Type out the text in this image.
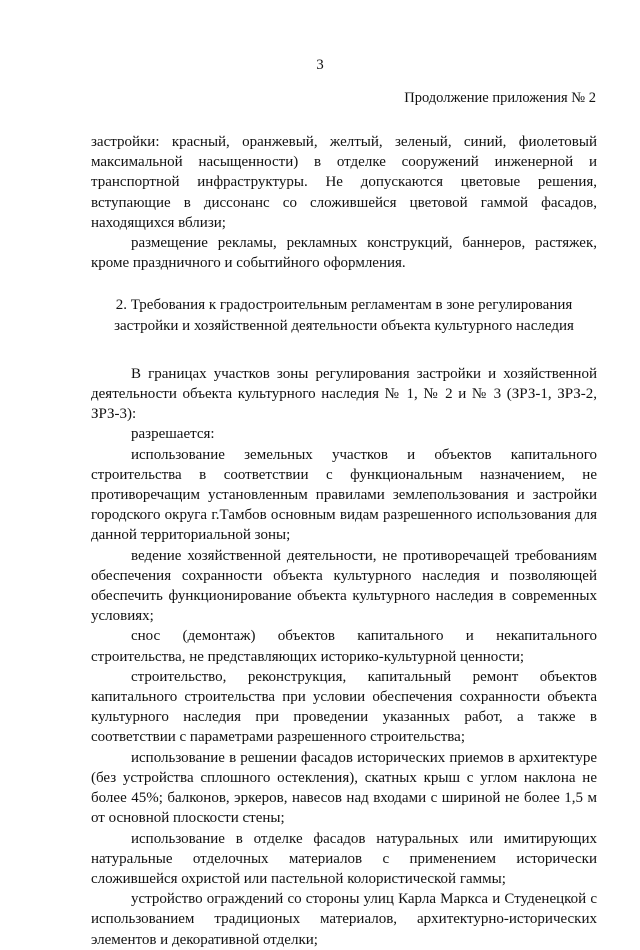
3
Продолжение приложения № 2

застройки: красный, оранжевый, желтый, зеленый, синий, фиолетовый максимальной насыщенности) в отделке сооружений инженерной и транспортной инфраструктуры. Не допускаются цветовые решения, вступающие в диссонанс со сложившейся цветовой гаммой фасадов, находящихся вблизи;

размещение рекламы, рекламных конструкций, баннеров, растяжек, кроме праздничного и событийного оформления.

2. Требования к градостроительным регламентам в зоне регулирования застройки и хозяйственной деятельности объекта культурного наследия

В границах участков зоны регулирования застройки и хозяйственной деятельности объекта культурного наследия № 1, № 2 и № 3 (ЗРЗ-1, ЗРЗ-2, ЗРЗ-3):

разрешается:

использование земельных участков и объектов капитального строительства в соответствии с функциональным назначением, не противоречащим установленным правилами землепользования и застройки городского округа г.Тамбов основным видам разрешенного использования для данной территориальной зоны;

ведение хозяйственной деятельности, не противоречащей требованиям обеспечения сохранности объекта культурного наследия и позволяющей обеспечить функционирование объекта культурного наследия в современных условиях;

снос (демонтаж) объектов капитального и некапитального строительства, не представляющих историко-культурной ценности;

строительство, реконструкция, капитальный ремонт объектов капитального строительства при условии обеспечения сохранности объекта культурного наследия при проведении указанных работ, а также в соответствии с параметрами разрешенного строительства;

использование в решении фасадов исторических приемов в архитектуре (без устройства сплошного остекления), скатных крыш с углом наклона не более 45%; балконов, эркеров, навесов над входами с шириной не более 1,5 м от основной плоскости стены;

использование в отделке фасадов натуральных или имитирующих натуральные отделочных материалов с применением исторически сложившейся охристой или пастельной колористической гаммы;

устройство ограждений со стороны улиц Карла Маркса и Студенецкой с использованием традиционых материалов, архитектурно-исторических элементов и декоративной отделки;
